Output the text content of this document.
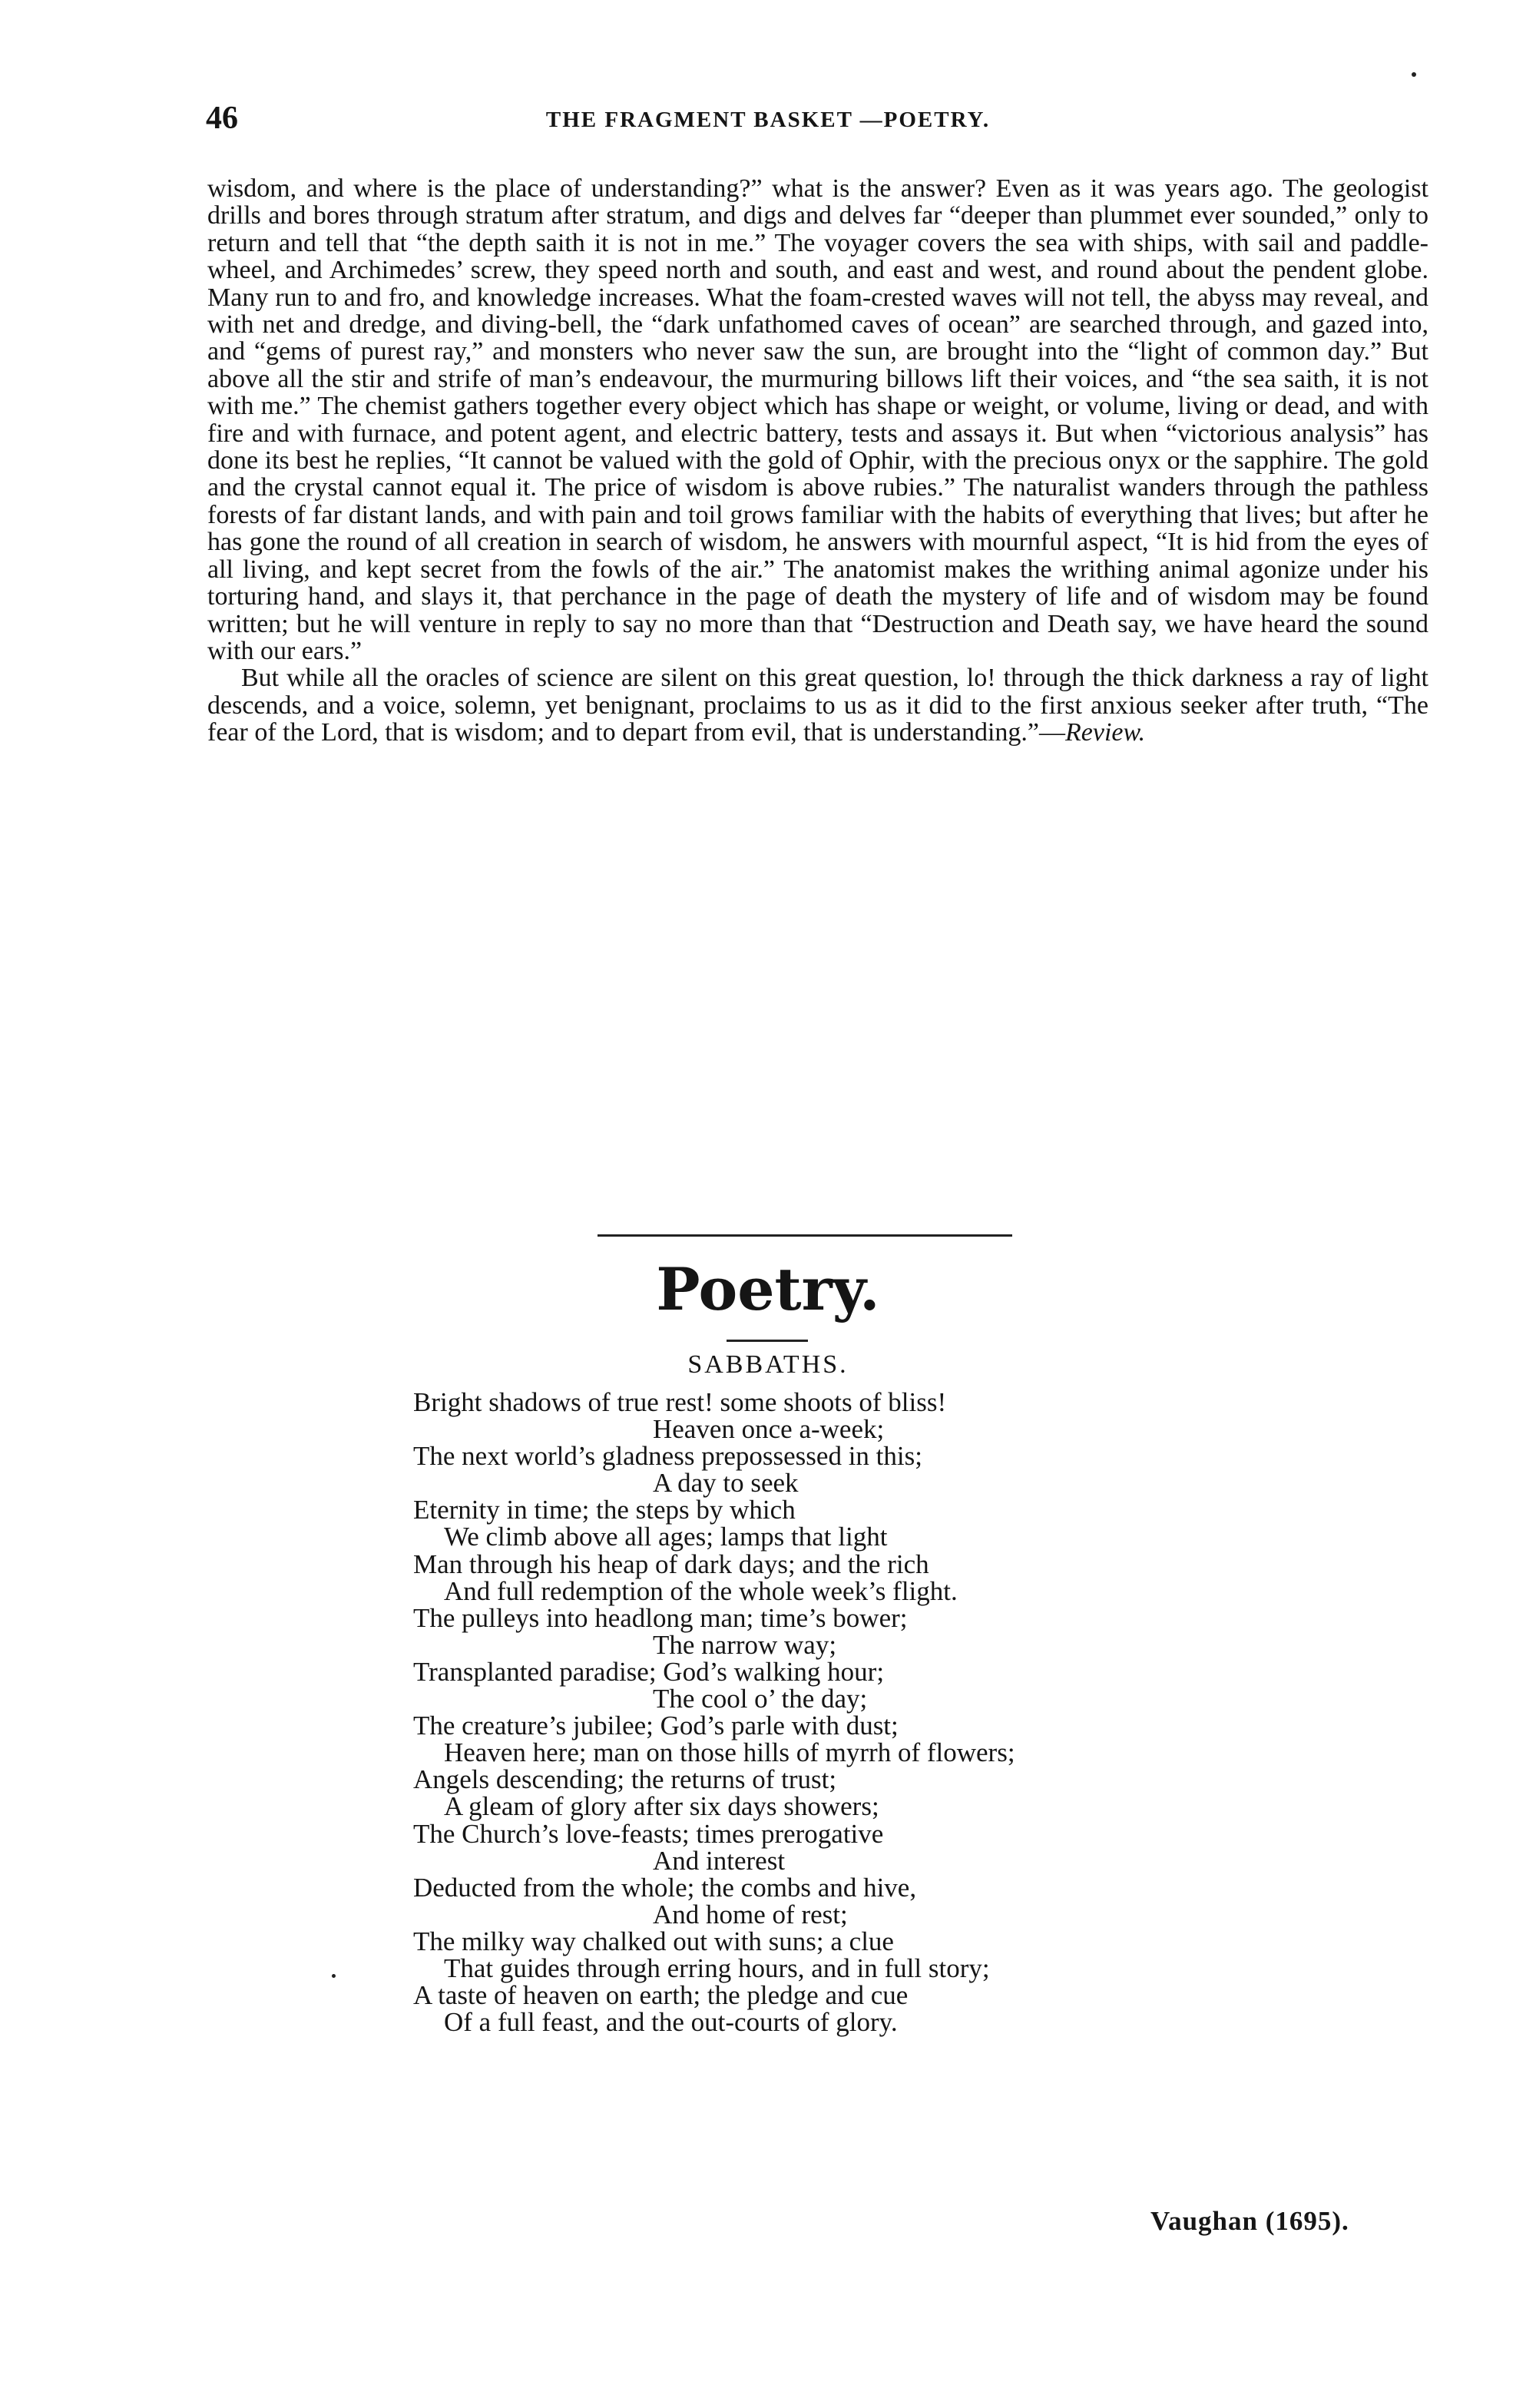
46	THE FRAGMENT BASKET —POETRY.

wisdom, and where is the place of understanding?” what is the answer? Even as it was years ago. The geologist drills and bores through stratum after stratum, and digs and delves far “deeper than plummet ever sounded,” only to return and tell that “the depth saith it is not in me.” The voyager covers the sea with ships, with sail and paddle-wheel, and Archimedes’ screw, they speed north and south, and east and west, and round about the pendent globe. Many run to and fro, and knowledge increases. What the foam-crested waves will not tell, the abyss may reveal, and with net and dredge, and diving-bell, the “dark unfathomed caves of ocean” are searched through, and gazed into, and “gems of purest ray,” and monsters who never saw the sun, are brought into the “light of common day.” But above all the stir and strife of man’s endeavour, the murmuring billows lift their voices, and “the sea saith, it is not with me.” The chemist gathers together every object which has shape or weight, or volume, living or dead, and with fire and with furnace, and potent agent, and electric battery, tests and assays it. But when “victorious analysis” has done its best he replies, “It cannot be valued with the gold of Ophir, with the precious onyx or the sapphire. The gold and the crystal cannot equal it. The price of wisdom is above rubies.” The naturalist wanders through the pathless forests of far distant lands, and with pain and toil grows familiar with the habits of everything that lives; but after he has gone the round of all creation in search of wisdom, he answers with mournful aspect, “It is hid from the eyes of all living, and kept secret from the fowls of the air.” The anatomist makes the writhing animal agonize under his torturing hand, and slays it, that perchance in the page of death the mystery of life and of wisdom may be found written; but he will venture in reply to say no more than that “Destruction and Death say, we have heard the sound with our ears.”

But while all the oracles of science are silent on this great question, lo! through the thick darkness a ray of light descends, and a voice, solemn, yet benignant, proclaims to us as it did to the first anxious seeker after truth, “The fear of the Lord, that is wisdom; and to depart from evil, that is understanding.”—Review.

Poetry.
SABBATHS.
Bright shadows of true rest! some shoots of bliss!
Heaven once a-week;
The next world’s gladness prepossessed in this;
A day to seek
Eternity in time; the steps by which
We climb above all ages; lamps that light
Man through his heap of dark days; and the rich
And full redemption of the whole week’s flight.
The pulleys into headlong man; time’s bower;
The narrow way;
Transplanted paradise; God’s walking hour;
The cool o’ the day;
The creature’s jubilee; God’s parle with dust;
Heaven here; man on those hills of myrrh of flowers;
Angels descending; the returns of trust;
A gleam of glory after six days showers;
The Church’s love-feasts; times prerogative
And interest
Deducted from the whole; the combs and hive,
And home of rest;
The milky way chalked out with suns; a clue
That guides through erring hours, and in full story;
A taste of heaven on earth; the pledge and cue
Of a full feast, and the out-courts of glory.
Vaughan (1695).
